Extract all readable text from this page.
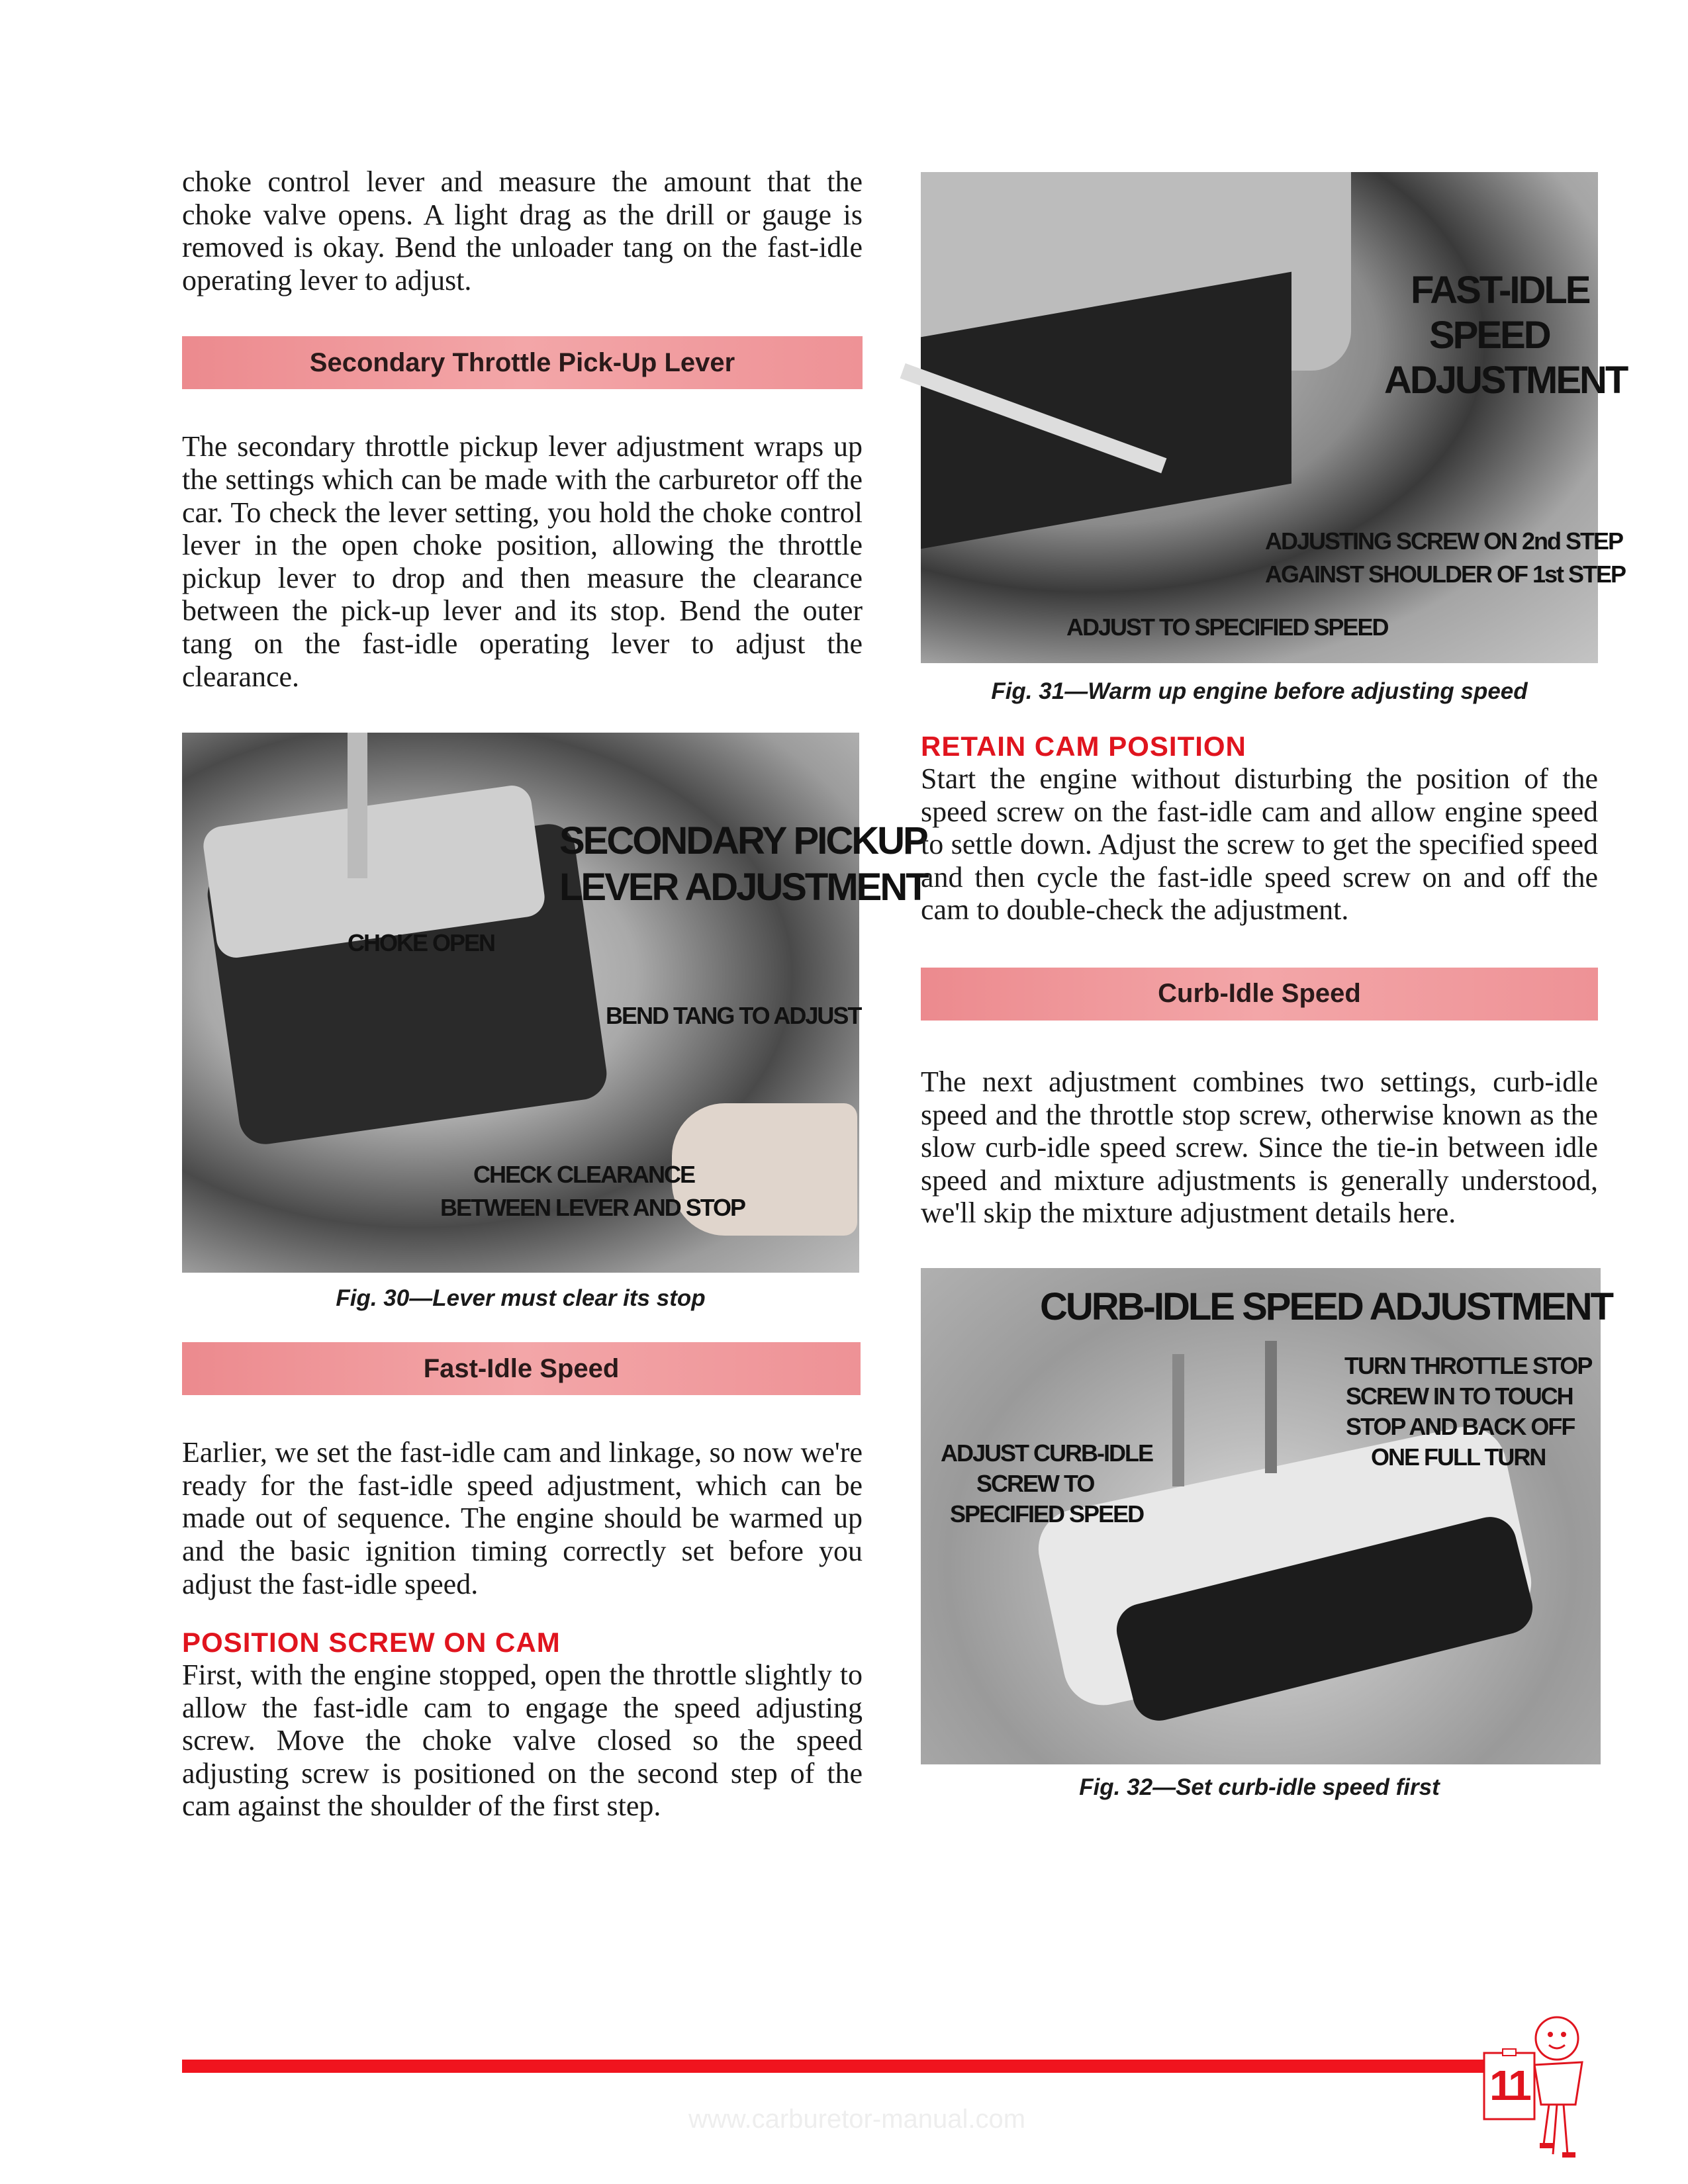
choke control lever and measure the amount that the choke valve opens. A light drag as the drill or gauge is removed is okay. Bend the unloader tang on the fast-idle operating lever to adjust.
Secondary Throttle Pick-Up Lever
The secondary throttle pickup lever adjustment wraps up the settings which can be made with the carburetor off the car. To check the lever setting, you hold the choke control lever in the open choke position, allowing the throttle pickup lever to drop and then measure the clearance between the pick-up lever and its stop. Bend the outer tang on the fast-idle operating lever to adjust the clearance.
SECONDARY PICKUP
LEVER ADJUSTMENT
CHOKE OPEN
BEND TANG TO ADJUST
CHECK CLEARANCE
BETWEEN LEVER AND STOP
Fig. 30—Lever must clear its stop
Fast-Idle Speed
Earlier, we set the fast-idle cam and linkage, so now we're ready for the fast-idle speed adjustment, which can be made out of sequence. The engine should be warmed up and the basic ignition timing correctly set before you adjust the fast-idle speed.
POSITION SCREW ON CAM
First, with the engine stopped, open the throttle slightly to allow the fast-idle cam to engage the speed adjusting screw. Move the choke valve closed so the speed adjusting screw is positioned on the second step of the cam against the shoulder of the first step.
FAST-IDLE
SPEED
ADJUSTMENT
ADJUSTING SCREW ON 2nd STEP
AGAINST SHOULDER OF 1st STEP
ADJUST TO SPECIFIED SPEED
Fig. 31—Warm up engine before adjusting speed
RETAIN CAM POSITION
Start the engine without disturbing the position of the speed screw on the fast-idle cam and allow engine speed to settle down. Adjust the screw to get the specified speed and then cycle the fast-idle speed screw on and off the cam to double-check the adjustment.
Curb-Idle Speed
The next adjustment combines two settings, curb-idle speed and the throttle stop screw, otherwise known as the slow curb-idle speed screw. Since the tie-in between idle speed and mixture adjustments is generally understood, we'll skip the mixture adjustment details here.
CURB-IDLE SPEED ADJUSTMENT
TURN THROTTLE STOP
SCREW IN TO TOUCH
STOP AND BACK OFF
ONE FULL TURN
ADJUST CURB-IDLE
SCREW TO
SPECIFIED SPEED
Fig. 32—Set curb-idle speed first
11
www.carburetor-manual.com
